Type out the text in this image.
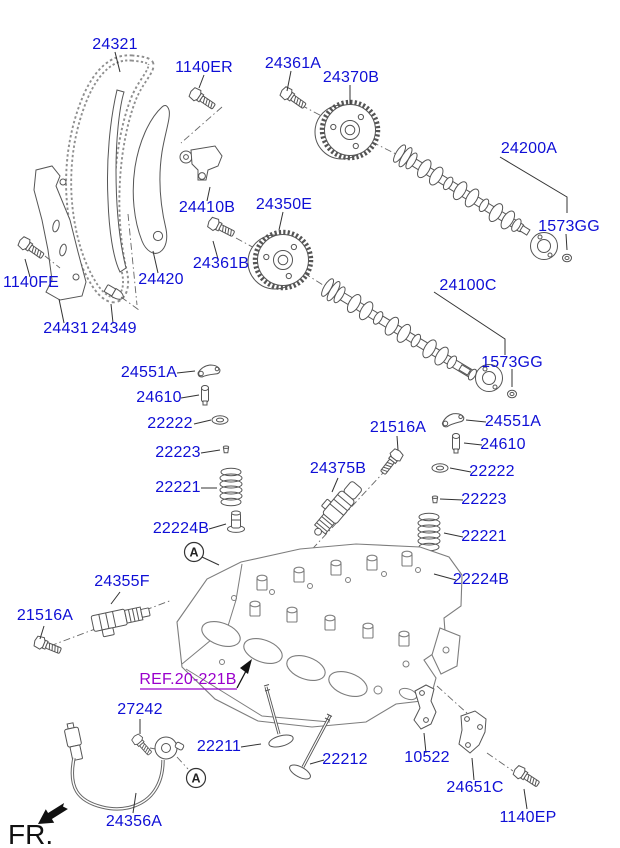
A
A
FR.
24321
1140ER 24361A
24370B
24200A
1573GG
24350E
24410B
24361B
1140FE	24420
24431 24349
24100C
1573GG
24551A
24610
22222
22223
22221
22224B
21516A
24375B
24551A
24610
22222
22223
22221
22224B
24355F
21516A
27242
22211
22212 10522
24651C
1140EP
24356A
REF.20-221B
